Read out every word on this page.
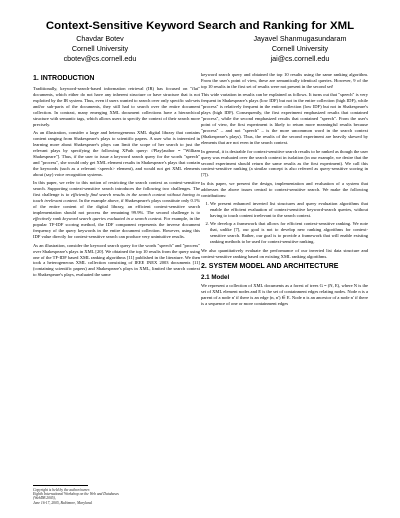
Context-Sensitive Keyword Search and Ranking for XML
Chavdar Botev
Cornell University
cbotev@cs.cornell.edu
Jayavel Shanmugasundaram
Cornell University
jai@cs.cornell.edu
1. INTRODUCTION

Traditionally, keyword-search-based information retrieval (IR) has focused on "flat" documents, which either do not have any inherent structure or have structure that is not exploited by the IR system. Thus, even if users wanted to search over only specific sub-sets and/or sub-parts of the documents, they still had to search over the entire document collection. In contrast, many emerging XML document collections have a hierarchical structure with semantic tags, which allows users to specify the context of their search more precisely.

As an illustration, consider a large and heterogeneous XML digital library that contains content ranging from Shakespeare's plays to scientific papers. A user who is interested in learning more about Shakespeare's plays can limit the scope of her search to just the relevant plays by specifying the following XPath query: //Play[author = "William Shakespeare"]. Thus, if the user to issue a keyword search query for the words "speech" and "process", she would only get XML element results in Shakespeare's plays that contain the keywords (such as a relevant <speech> element), and would not get XML elements about (say) voice recognition systems.

In this paper, we refer to this notion of restricting the search context as context-sensitive search. Supporting context-sensitive search introduces the following two challenges. The first challenge is to efficiently find search results in the search context without having to touch irrelevant content. In the example above, if Shakespeare's plays constitute only 0.1% of the entire content of the digital library, an efficient context-sensitive search implementation should not process the remaining 99.9%. The second challenge is to effectively rank keyword search queries evaluated in a search context. For example, in the popular TF-IDF scoring method, the IDF component represents the inverse document frequency of the query keywords in the entire document collection. However, using this IDF value directly for context-sensitive search can produce very unintuitive results.

As an illustration, consider the keyword search query for the words "speech" and "process" over Shakespeare's plays in XML [20]. We obtained the top 10 results from the query using one of the TF-IDF based XML ranking algorithms [11] published in the literature. We then took a heterogeneous XML collection consisting of IEEE INEX 2003 documents [11] (containing scientific papers) and Shakespeare's plays in XML, limited the search context to Shakespeare's plays, evaluated the same

Copyright is held by the author/owner.
Eighth International Workshop on the Web and Databases
(WebDB 2005),
June 16-17, 2005, Baltimore, Maryland.

keyword search query and obtained the top 10 results using the same ranking algorithm. From the user's point of view, these are semantically identical queries. However, 9 of the top 10 results in the first set of results were not present in the second set!

This wide variation in results can be explained as follows. It turns out that "speech" is very frequent in Shakespeare's plays (low IDF) but not in the entire collection (high IDF), while "process" is relatively frequent in the entire collection (low IDF) but not in Shakespeare's plays (high IDF). Consequently, the first experiment emphasized results that contained "process", while the second emphasized results that contained "speech". From the user's point of view, the first experiment is likely to return more meaningful results because "process" – and not "speech" – is the more uncommon word in the search context (Shakespeare's plays). Thus, the results of the second experiment are heavily skewed by elements that are not even in the search context.

In general, it is desirable for context-sensitive search results to be ranked as though the user query was evaluated over the search context in isolation (in our example, we desire that the second experiment should return the same results as the first experiment). We call this context-sensitive ranking (a similar concept is also referred as query-sensitive scoring in [7]).

In this paper, we present the design, implementation and evaluation of a system that addresses the above issues central to context-sensitive search. We make the following contributions:

1. We present enhanced inverted list structures and query evaluation algorithms that enable the efficient evaluation of context-sensitive keyword-search queries, without having to touch content irrelevant to the search context.
2. We develop a framework that allows for efficient context-sensitive ranking. We note that, unlike [7], our goal is not to develop new ranking algorithms for context-sensitive search. Rather, our goal is to provide a framework that will enable existing ranking methods to be used for context-sensitive ranking.

We also quantitatively evaluate the performance of our inverted list data structure and context-sensitive ranking based on existing XML ranking algorithms.

2. SYSTEM MODEL AND ARCHITECTURE
2.1 Model

We represent a collection of XML documents as a forest of trees G = (N, E), where N is the set of XML element nodes and E is the set of containment edges relating nodes. Node n is a parent of a node n' if there is an edge (n, n') ∈ E. Node n is an ancestor of a node n' if there is a sequence of one or more containment edges
